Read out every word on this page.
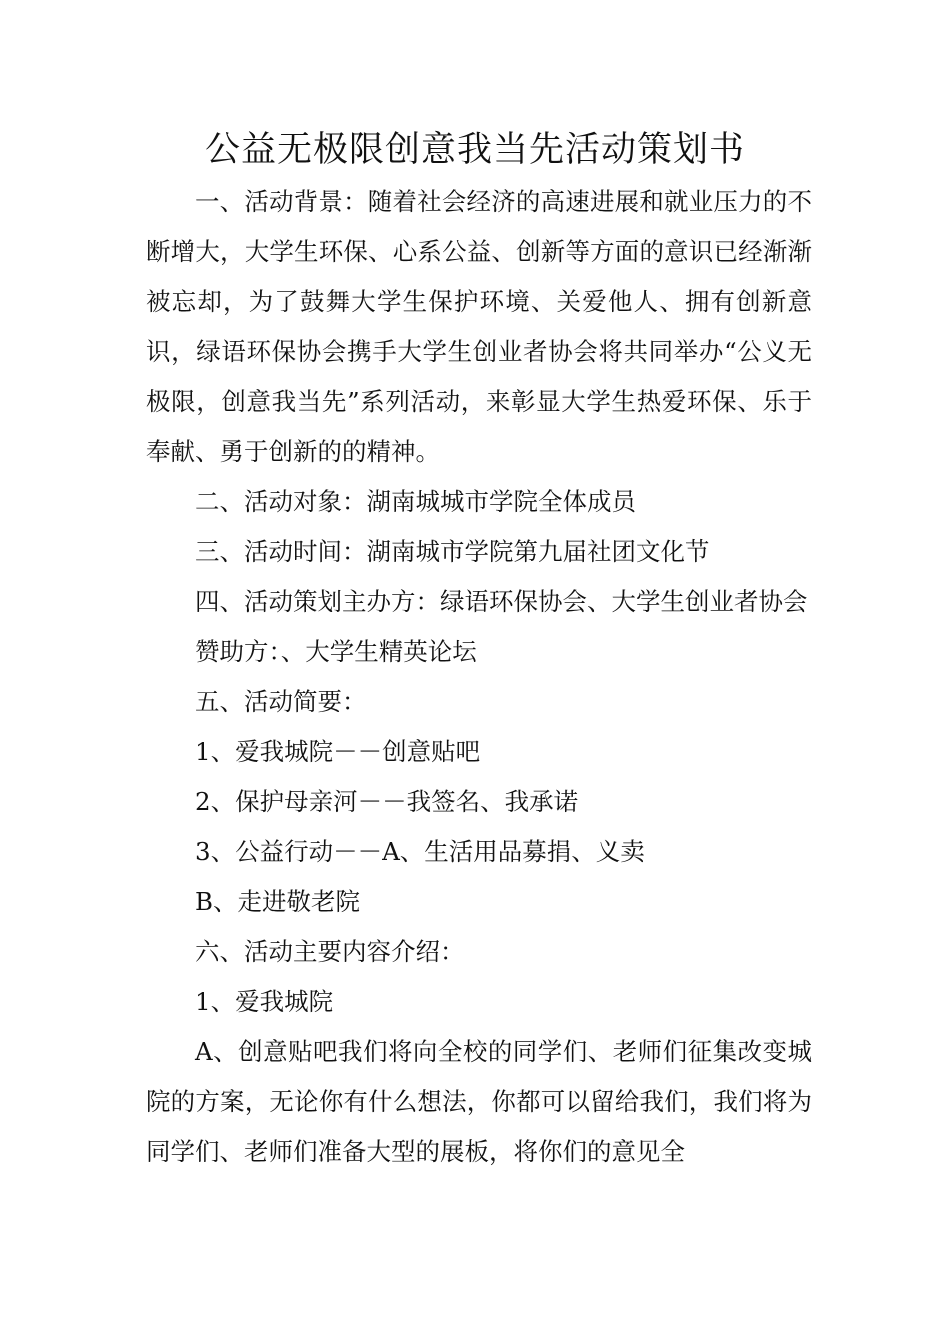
公益无极限创意我当先活动策划书

一、活动背景：随着社会经济的高速进展和就业压力的不断增大，大学生环保、心系公益、创新等方面的意识已经渐渐被忘却，为了鼓舞大学生保护环境、关爱他人、拥有创新意识，绿语环保协会携手大学生创业者协会将共同举办“公义无极限，创意我当先”系列活动，来彰显大学生热爱环保、乐于奉献、勇于创新的的精神。

二、活动对象：湖南城城市学院全体成员

三、活动时间：湖南城市学院第九届社团文化节

四、活动策划主办方：绿语环保协会、大学生创业者协会

赞助方：、大学生精英论坛

五、活动简要：

1、爱我城院－－创意贴吧

2、保护母亲河－－我签名、我承诺

3、公益行动－－A、生活用品募捐、义卖

B、走进敬老院

六、活动主要内容介绍：

1、爱我城院

A、创意贴吧我们将向全校的同学们、老师们征集改变城院的方案，无论你有什么想法，你都可以留给我们，我们将为同学们、老师们准备大型的展板，将你们的意见全
